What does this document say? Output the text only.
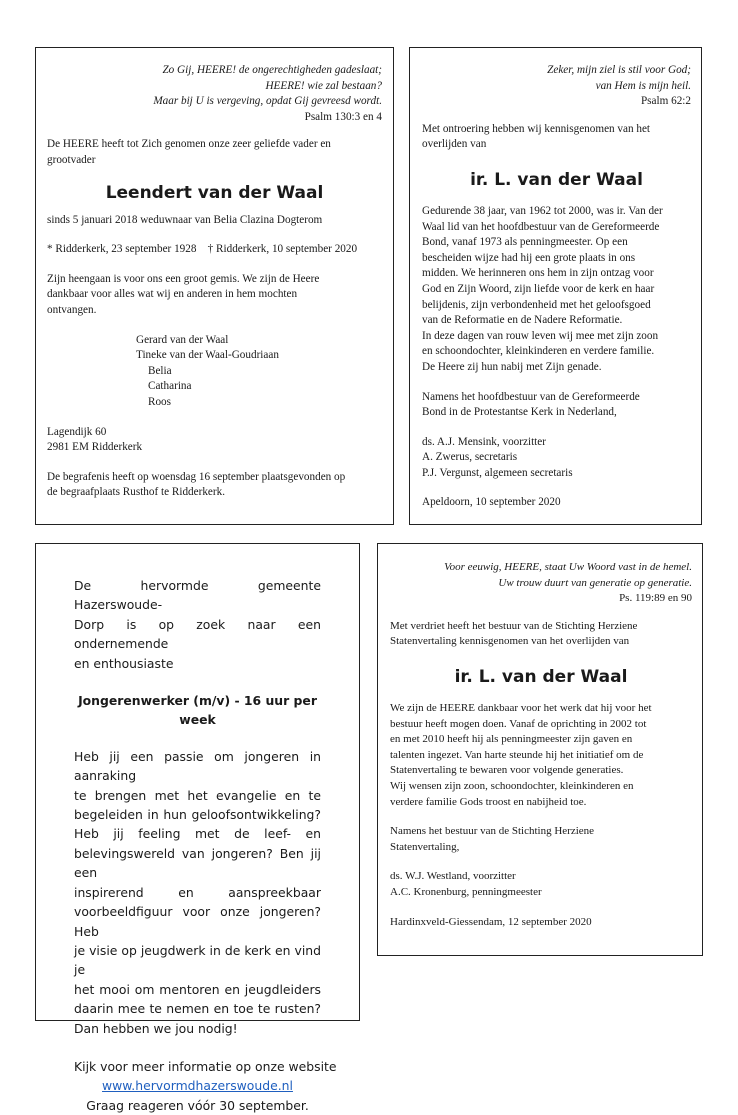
Zo Gij, HEERE! de ongerechtigheden gadeslaat;
HEERE! wie zal bestaan?
Maar bij U is vergeving, opdat Gij gevreesd wordt.
Psalm 130:3 en 4

De HEERE heeft tot Zich genomen onze zeer geliefde vader en
grootvader

Leendert van der Waal

sinds 5 januari 2018 weduwnaar van Belia Clazina Dogterom

* Ridderkerk, 23 september 1928 † Ridderkerk, 10 september 2020

Zijn heengaan is voor ons een groot gemis. We zijn de Heere
dankbaar voor alles wat wij en anderen in hem mochten
ontvangen.

Gerard van der Waal
Tineke van der Waal-Goudriaan
Belia
Catharina
Roos

Lagendijk 60
2981 EM Ridderkerk

De begrafenis heeft op woensdag 16 september plaatsgevonden op
de begraafplaats Rusthof te Ridderkerk.

Zeker, mijn ziel is stil voor God;
van Hem is mijn heil.
Psalm 62:2

Met ontroering hebben wij kennisgenomen van het
overlijden van

ir. L. van der Waal

Gedurende 38 jaar, van 1962 tot 2000, was ir. Van der
Waal lid van het hoofdbestuur van de Gereformeerde
Bond, vanaf 1973 als penningmeester. Op een
bescheiden wijze had hij een grote plaats in ons
midden. We herinneren ons hem in zijn ontzag voor
God en Zijn Woord, zijn liefde voor de kerk en haar
belijdenis, zijn verbondenheid met het geloofsgoed
van de Reformatie en de Nadere Reformatie.
In deze dagen van rouw leven wij mee met zijn zoon
en schoondochter, kleinkinderen en verdere familie.
De Heere zij hun nabij met Zijn genade.

Namens het hoofdbestuur van de Gereformeerde
Bond in de Protestantse Kerk in Nederland,

ds. A.J. Mensink, voorzitter
A. Zwerus, secretaris
P.J. Vergunst, algemeen secretaris

Apeldoorn, 10 september 2020

De hervormde gemeente Hazerswoude-
Dorp is op zoek naar een ondernemende
en enthousiaste

Jongerenwerker (m/v) - 16 uur per week

Heb jij een passie om jongeren in aanraking
te brengen met het evangelie en te
begeleiden in hun geloofsontwikkeling?
Heb jij feeling met de leef- en
belevingswereld van jongeren? Ben jij een
inspirerend en aanspreekbaar
voorbeeldfiguur voor onze jongeren? Heb
je visie op jeugdwerk in de kerk en vind je
het mooi om mentoren en jeugdleiders
daarin mee te nemen en toe te rusten?
Dan hebben we jou nodig!

Kijk voor meer informatie op onze website
www.hervormdhazerswoude.nl
Graag reageren vóór 30 september.
Voor eeuwig, HEERE, staat Uw Woord vast in de hemel.
Uw trouw duurt van generatie op generatie.
Ps. 119:89 en 90

Met verdriet heeft het bestuur van de Stichting Herziene
Statenvertaling kennisgenomen van het overlijden van

ir. L. van der Waal

We zijn de HEERE dankbaar voor het werk dat hij voor het
bestuur heeft mogen doen. Vanaf de oprichting in 2002 tot
en met 2010 heeft hij als penningmeester zijn gaven en
talenten ingezet. Van harte steunde hij het initiatief om de
Statenvertaling te bewaren voor volgende generaties.
Wij wensen zijn zoon, schoondochter, kleinkinderen en
verdere familie Gods troost en nabijheid toe.

Namens het bestuur van de Stichting Herziene
Statenvertaling,

ds. W.J. Westland, voorzitter
A.C. Kronenburg, penningmeester

Hardinxveld-Giessendam, 12 september 2020
